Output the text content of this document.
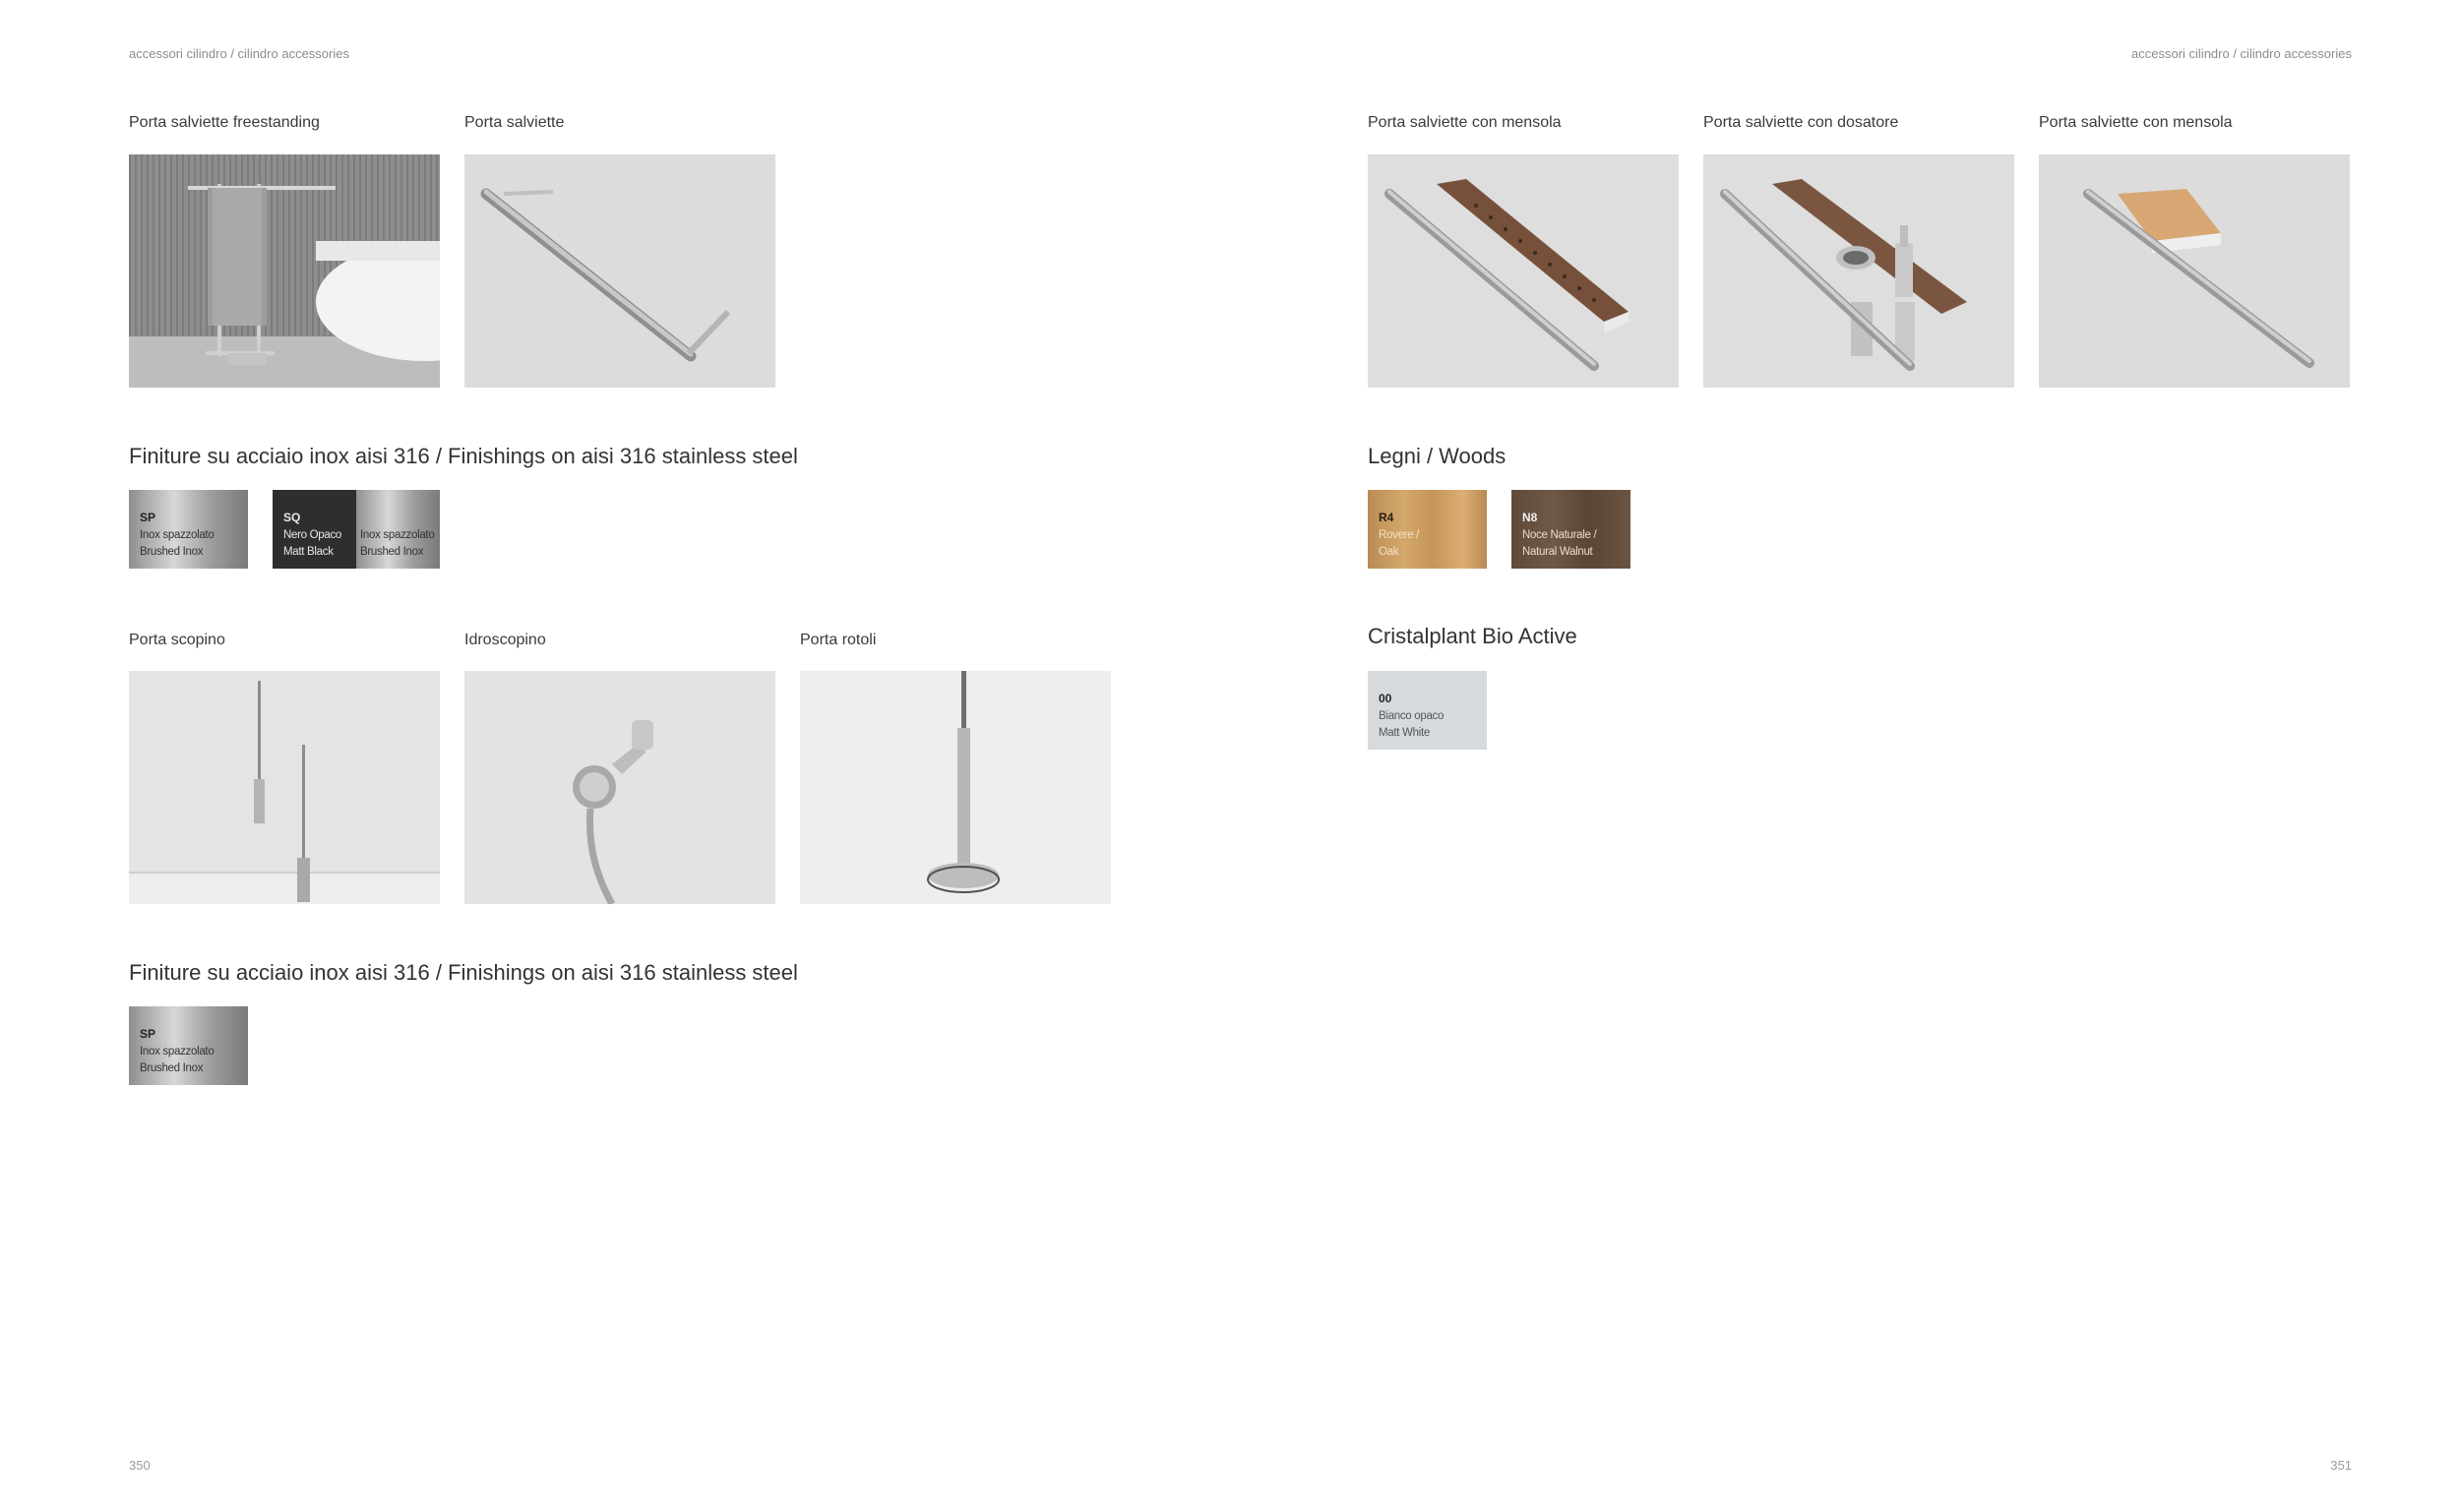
accessori cilindro / cilindro accessories
Porta salviette freestanding	Porta salviette
Finiture su acciaio inox aisi 316 / Finishings on aisi 316 stainless steel
SP
Inox spazzolato
Brushed Inox
SQ
Nero Opaco
Matt Black
Inox spazzolato
Brushed Inox
Porta scopino	Idroscopino	Porta rotoli
Finiture su acciaio inox aisi 316 / Finishings on aisi 316 stainless steel
SP
Inox spazzolato
Brushed Inox
350
accessori cilindro / cilindro accessories
Porta salviette con mensola	Porta salviette con dosatore	Porta salviette con mensola
Legni / Woods
R4
Rovere /
Oak
N8
Noce Naturale /
Natural Walnut
Cristalplant Bio Active
00
Bianco opaco
Matt White
351
